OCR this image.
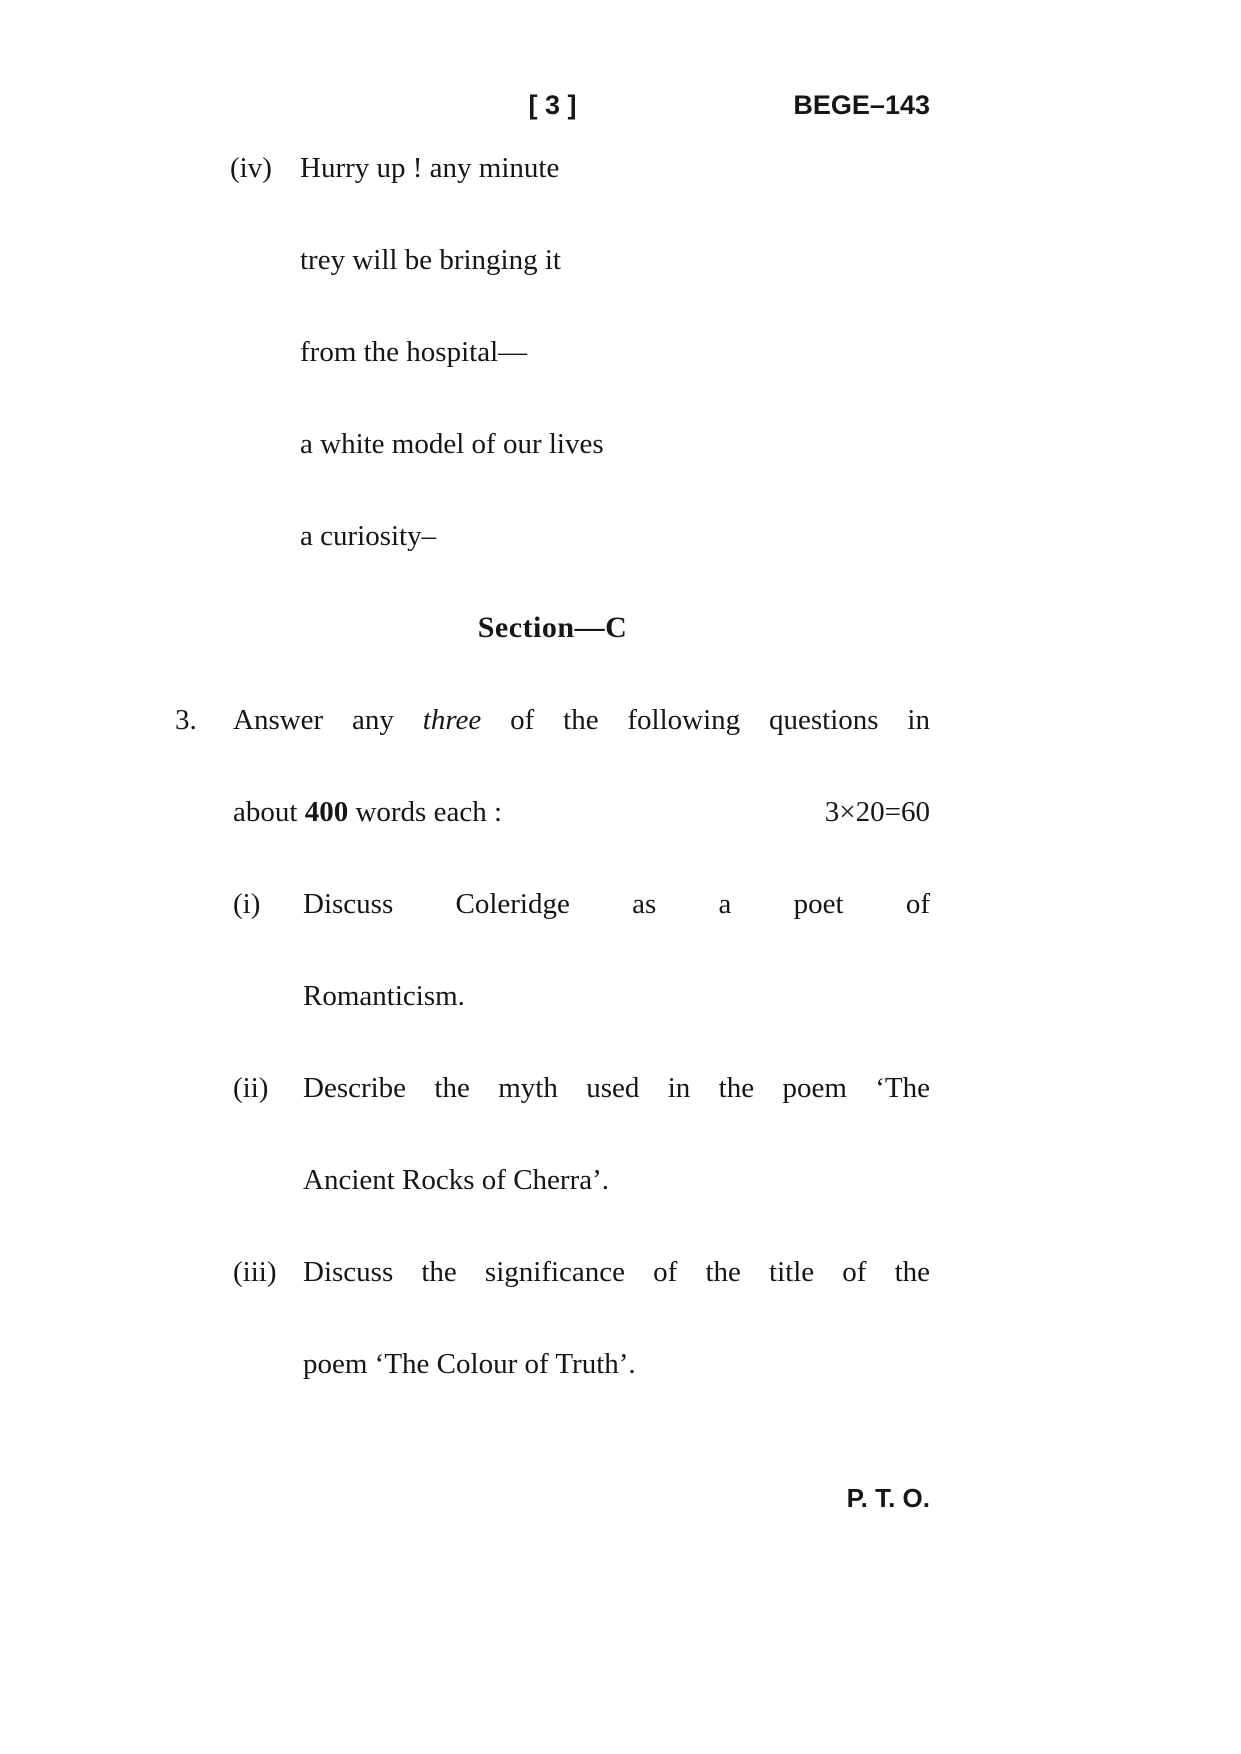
[ 3 ]	BEGE–143
(iv) Hurry up ! any minute
trey will be bringing it
from the hospital—
a white model of our lives
a curiosity–
Section—C
3.	Answer any three of the following questions in
about 400 words each :	3×20=60
(i)	Discuss Coleridge as a poet of
Romanticism.
(ii)	Describe the myth used in the poem ‘The
Ancient Rocks of Cherra’.
(iii) Discuss the significance of the title of the
poem ‘The Colour of Truth’.
P. T. O.
